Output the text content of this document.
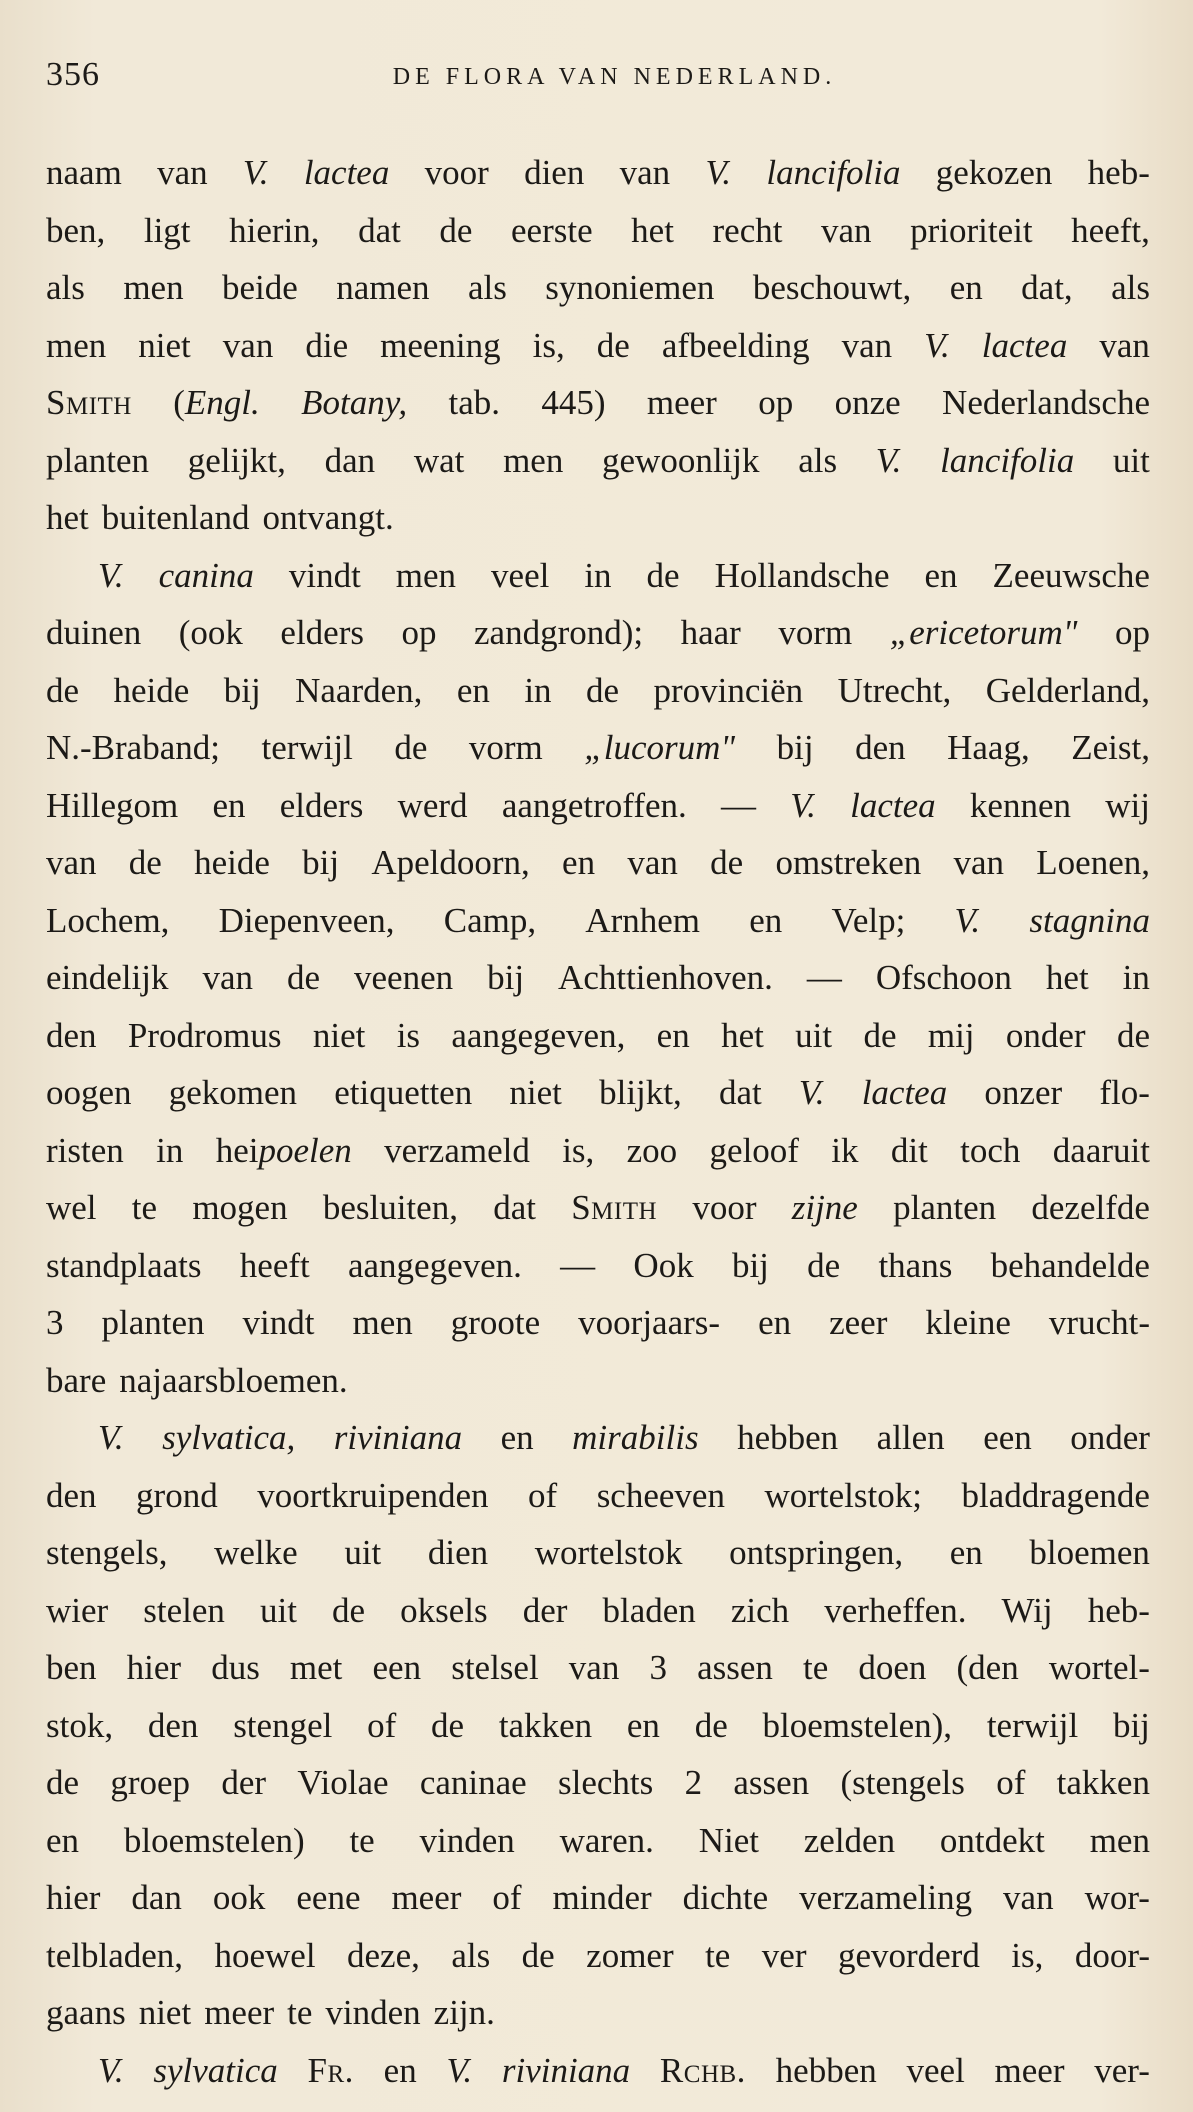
356	DE FLORA VAN NEDERLAND.
naam van V. lactea voor dien van V. lancifolia gekozen heb-
ben, ligt hierin, dat de eerste het recht van prioriteit heeft,
als men beide namen als synoniemen beschouwt, en dat, als
men niet van die meening is, de afbeelding van V. lactea van
Smith (Engl. Botany, tab. 445) meer op onze Nederlandsche
planten gelijkt, dan wat men gewoonlijk als V. lancifolia uit
het buitenland ontvangt.
V. canina vindt men veel in de Hollandsche en Zeeuwsche
duinen (ook elders op zandgrond); haar vorm „ericetorum" op
de heide bij Naarden, en in de provinciën Utrecht, Gelderland,
N.-Braband; terwijl de vorm „lucorum" bij den Haag, Zeist,
Hillegom en elders werd aangetroffen. — V. lactea kennen wij
van de heide bij Apeldoorn, en van de omstreken van Loenen,
Lochem, Diepenveen, Camp, Arnhem en Velp; V. stagnina
eindelijk van de veenen bij Achttienhoven. — Ofschoon het in
den Prodromus niet is aangegeven, en het uit de mij onder de
oogen gekomen etiquetten niet blijkt, dat V. lactea onzer flo-
risten in heipoelen verzameld is, zoo geloof ik dit toch daaruit
wel te mogen besluiten, dat Smith voor zijne planten dezelfde
standplaats heeft aangegeven. — Ook bij de thans behandelde
3 planten vindt men groote voorjaars- en zeer kleine vrucht-
bare najaarsbloemen.
V. sylvatica, riviniana en mirabilis hebben allen een onder
den grond voortkruipenden of scheeven wortelstok; bladdragende
stengels, welke uit dien wortelstok ontspringen, en bloemen
wier stelen uit de oksels der bladen zich verheffen. Wij heb-
ben hier dus met een stelsel van 3 assen te doen (den wortel-
stok, den stengel of de takken en de bloemstelen), terwijl bij
de groep der Violae caninae slechts 2 assen (stengels of takken
en bloemstelen) te vinden waren. Niet zelden ontdekt men
hier dan ook eene meer of minder dichte verzameling van wor-
telbladen, hoewel deze, als de zomer te ver gevorderd is, door-
gaans niet meer te vinden zijn.
V. sylvatica Fr. en V. riviniana Rchb. hebben veel meer ver-
